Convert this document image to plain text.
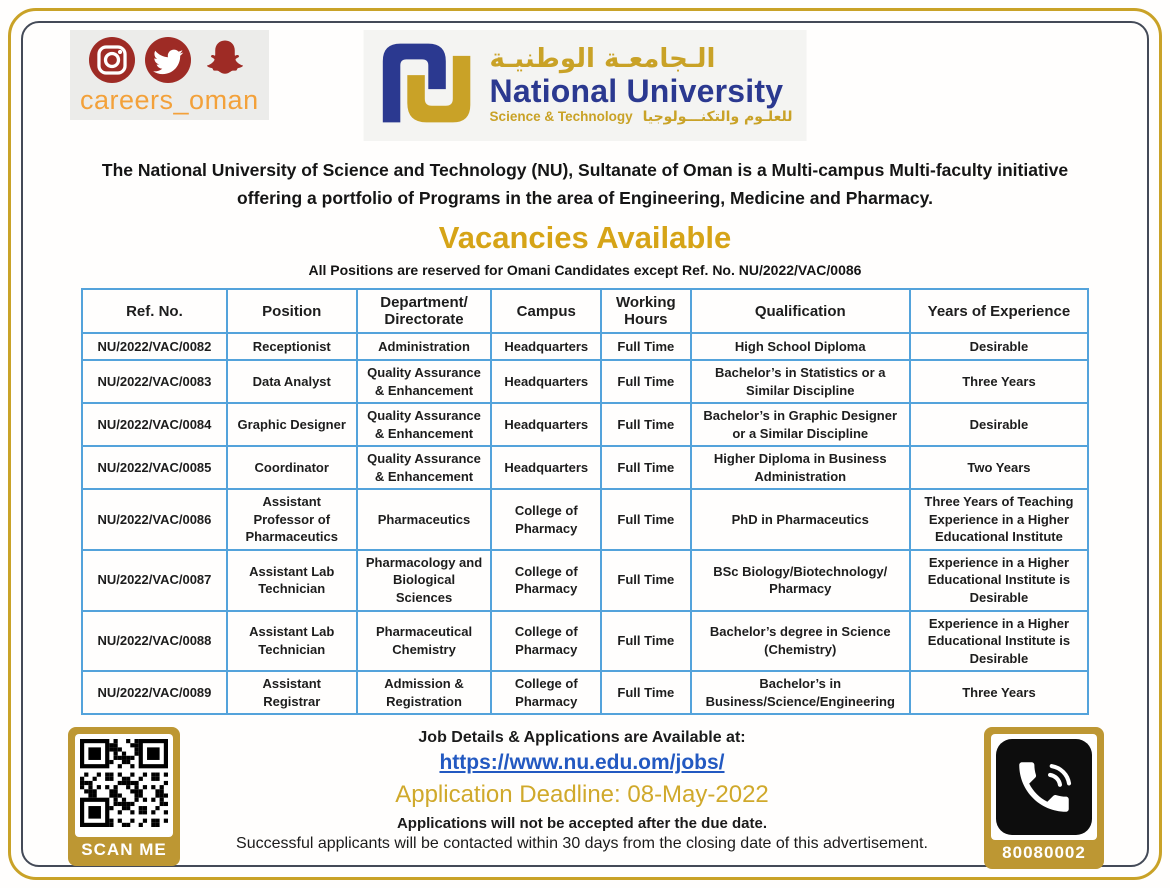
careers_oman
الـجامعـة الوطنيـة
National University
Science & Technology للعلـوم والتكنـــولوجيا

The National University of Science and Technology (NU), Sultanate of Oman is a Multi-campus Multi-faculty initiative offering a portfolio of Programs in the area of Engineering, Medicine and Pharmacy.

Vacancies Available

All Positions are reserved for Omani Candidates except Ref. No. NU/2022/VAC/0086

Ref. No.	Position	Department/ Directorate	Campus	Working Hours	Qualification	Years of Experience
NU/2022/VAC/0082	Receptionist	Administration	Headquarters	Full Time	High School Diploma	Desirable
NU/2022/VAC/0083	Data Analyst	Quality Assurance & Enhancement	Headquarters	Full Time	Bachelor’s in Statistics or a Similar Discipline	Three Years
NU/2022/VAC/0084	Graphic Designer	Quality Assurance & Enhancement	Headquarters	Full Time	Bachelor’s in Graphic Designer or a Similar Discipline	Desirable
NU/2022/VAC/0085	Coordinator	Quality Assurance & Enhancement	Headquarters	Full Time	Higher Diploma in Business Administration	Two Years
NU/2022/VAC/0086	Assistant Professor of Pharmaceutics	Pharmaceutics	College of Pharmacy	Full Time	PhD in Pharmaceutics	Three Years of Teaching Experience in a Higher Educational Institute
NU/2022/VAC/0087	Assistant Lab Technician	Pharmacology and Biological Sciences	College of Pharmacy	Full Time	BSc Biology/Biotechnology/ Pharmacy	Experience in a Higher Educational Institute is Desirable
NU/2022/VAC/0088	Assistant Lab Technician	Pharmaceutical Chemistry	College of Pharmacy	Full Time	Bachelor’s degree in Science (Chemistry)	Experience in a Higher Educational Institute is Desirable
NU/2022/VAC/0089	Assistant Registrar	Admission & Registration	College of Pharmacy	Full Time	Bachelor’s in Business/Science/Engineering	Three Years
SCAN ME
Job Details & Applications are Available at:
https://www.nu.edu.om/jobs/
Application Deadline: 08-May-2022
Applications will not be accepted after the due date.
Successful applicants will be contacted within 30 days from the closing date of this advertisement.	80080002
